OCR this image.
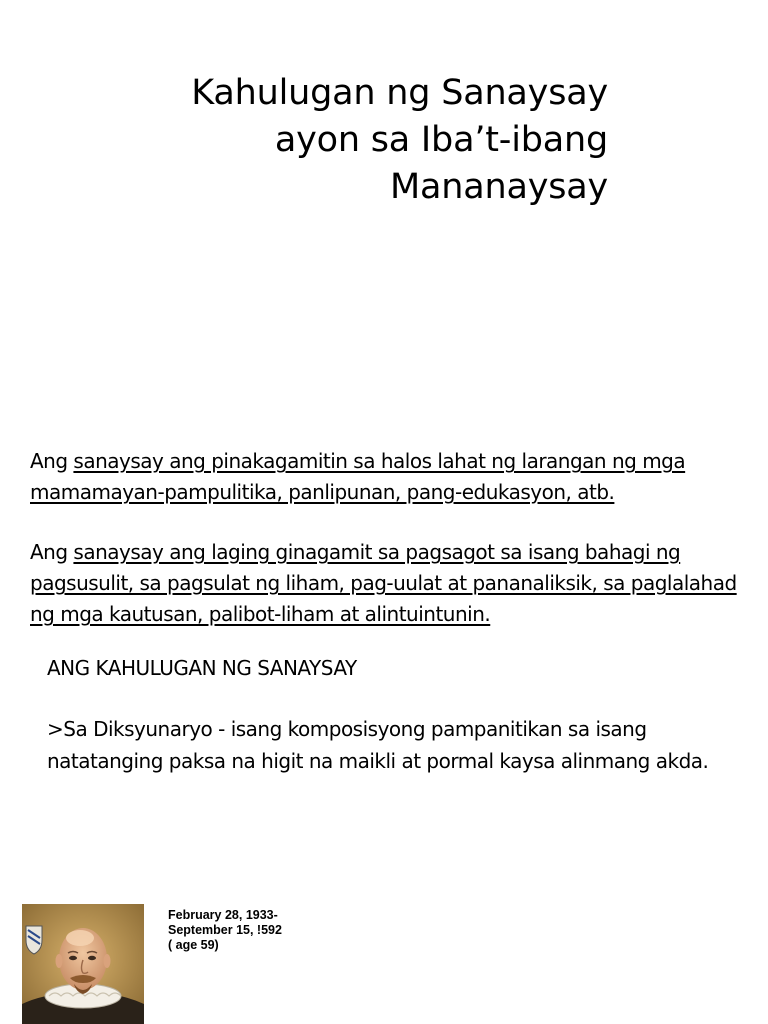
Kahulugan ng Sanaysay
ayon sa Iba’t-ibang
Mananaysay
Ang sanaysay ang pinakagamitin sa halos lahat ng larangan ng mga mamamayan-pampulitika, panlipunan, pang-edukasyon, atb.
Ang sanaysay ang laging ginagamit sa pagsagot sa isang bahagi ng pagsusulit, sa pagsulat ng liham, pag-uulat at pananaliksik, sa paglalahad ng mga kautusan, palibot-liham at alintuintunin.
ANG KAHULUGAN NG SANAYSAY
>Sa Diksyunaryo - isang komposisyong pampanitikan sa isang natatanging paksa na higit na maikli at pormal kaysa alinmang akda.
February 28, 1933-
September 15, !592
( age 59)
